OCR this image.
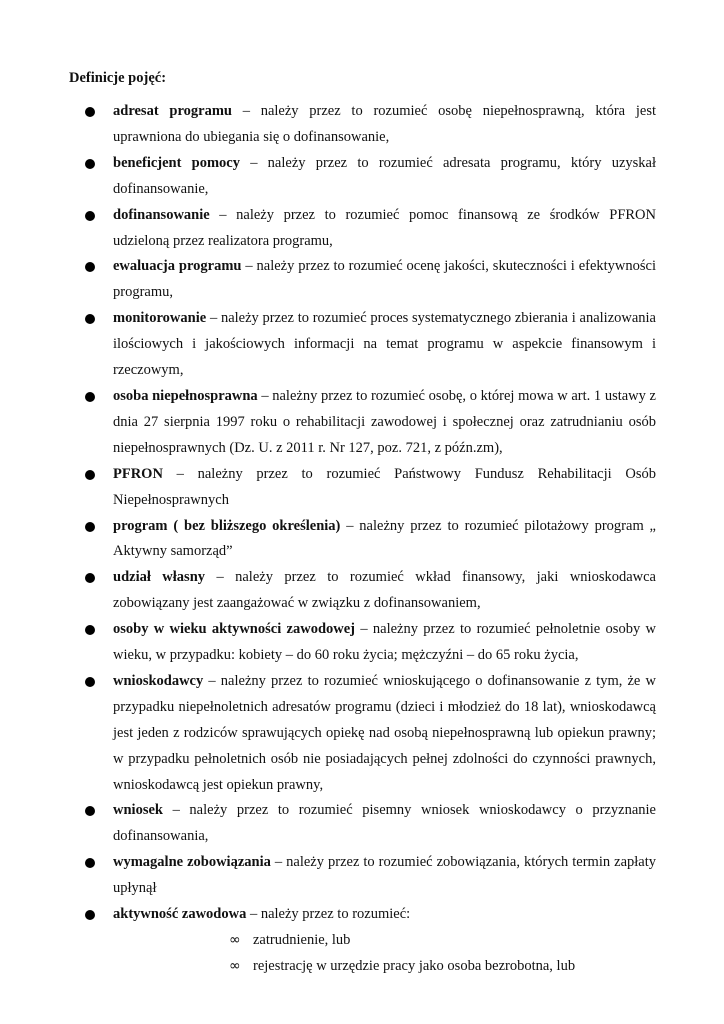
Definicje pojęć:

adresat programu – należy przez to rozumieć osobę niepełnosprawną, która jest uprawniona do ubiegania się o dofinansowanie,
beneficjent pomocy – należy przez to rozumieć adresata programu, który uzyskał dofinansowanie,
dofinansowanie – należy przez to rozumieć pomoc finansową ze środków PFRON udzieloną przez realizatora programu,
ewaluacja programu – należy przez to rozumieć ocenę jakości, skuteczności i efektywności programu,
monitorowanie – należy przez to rozumieć proces systematycznego zbierania i analizowania ilościowych i jakościowych informacji na temat programu w aspekcie finansowym i rzeczowym,
osoba niepełnosprawna – należny przez to rozumieć osobę, o której mowa w art. 1 ustawy z dnia 27 sierpnia 1997 roku o rehabilitacji zawodowej i społecznej oraz zatrudnianiu osób niepełnosprawnych (Dz. U. z 2011 r. Nr 127, poz. 721, z późn.zm),
PFRON – należny przez to rozumieć Państwowy Fundusz Rehabilitacji Osób Niepełnosprawnych
program ( bez bliższego określenia) – należny przez to rozumieć pilotażowy program „ Aktywny samorząd”
udział własny – należy przez to rozumieć wkład finansowy, jaki wnioskodawca zobowiązany jest zaangażować w związku z dofinansowaniem,
osoby w wieku aktywności zawodowej – należny przez to rozumieć pełnoletnie osoby w wieku, w przypadku: kobiety – do 60 roku życia; mężczyźni – do 65 roku życia,
wnioskodawcy – należny przez to rozumieć wnioskującego o dofinansowanie z tym, że w przypadku niepełnoletnich adresatów programu (dzieci i młodzież do 18 lat), wnioskodawcą jest jeden z rodziców sprawujących opiekę nad osobą niepełnosprawną lub opiekun prawny; w przypadku pełnoletnich osób nie posiadających pełnej zdolności do czynności prawnych, wnioskodawcą jest opiekun prawny,
wniosek – należy przez to rozumieć pisemny wniosek wnioskodawcy o przyznanie dofinansowania,
wymagalne zobowiązania – należy przez to rozumieć zobowiązania, których termin zapłaty upłynął
aktywność zawodowa – należy przez to rozumieć:
∞ zatrudnienie, lub
∞ rejestrację w urzędzie pracy jako osoba bezrobotna, lub
